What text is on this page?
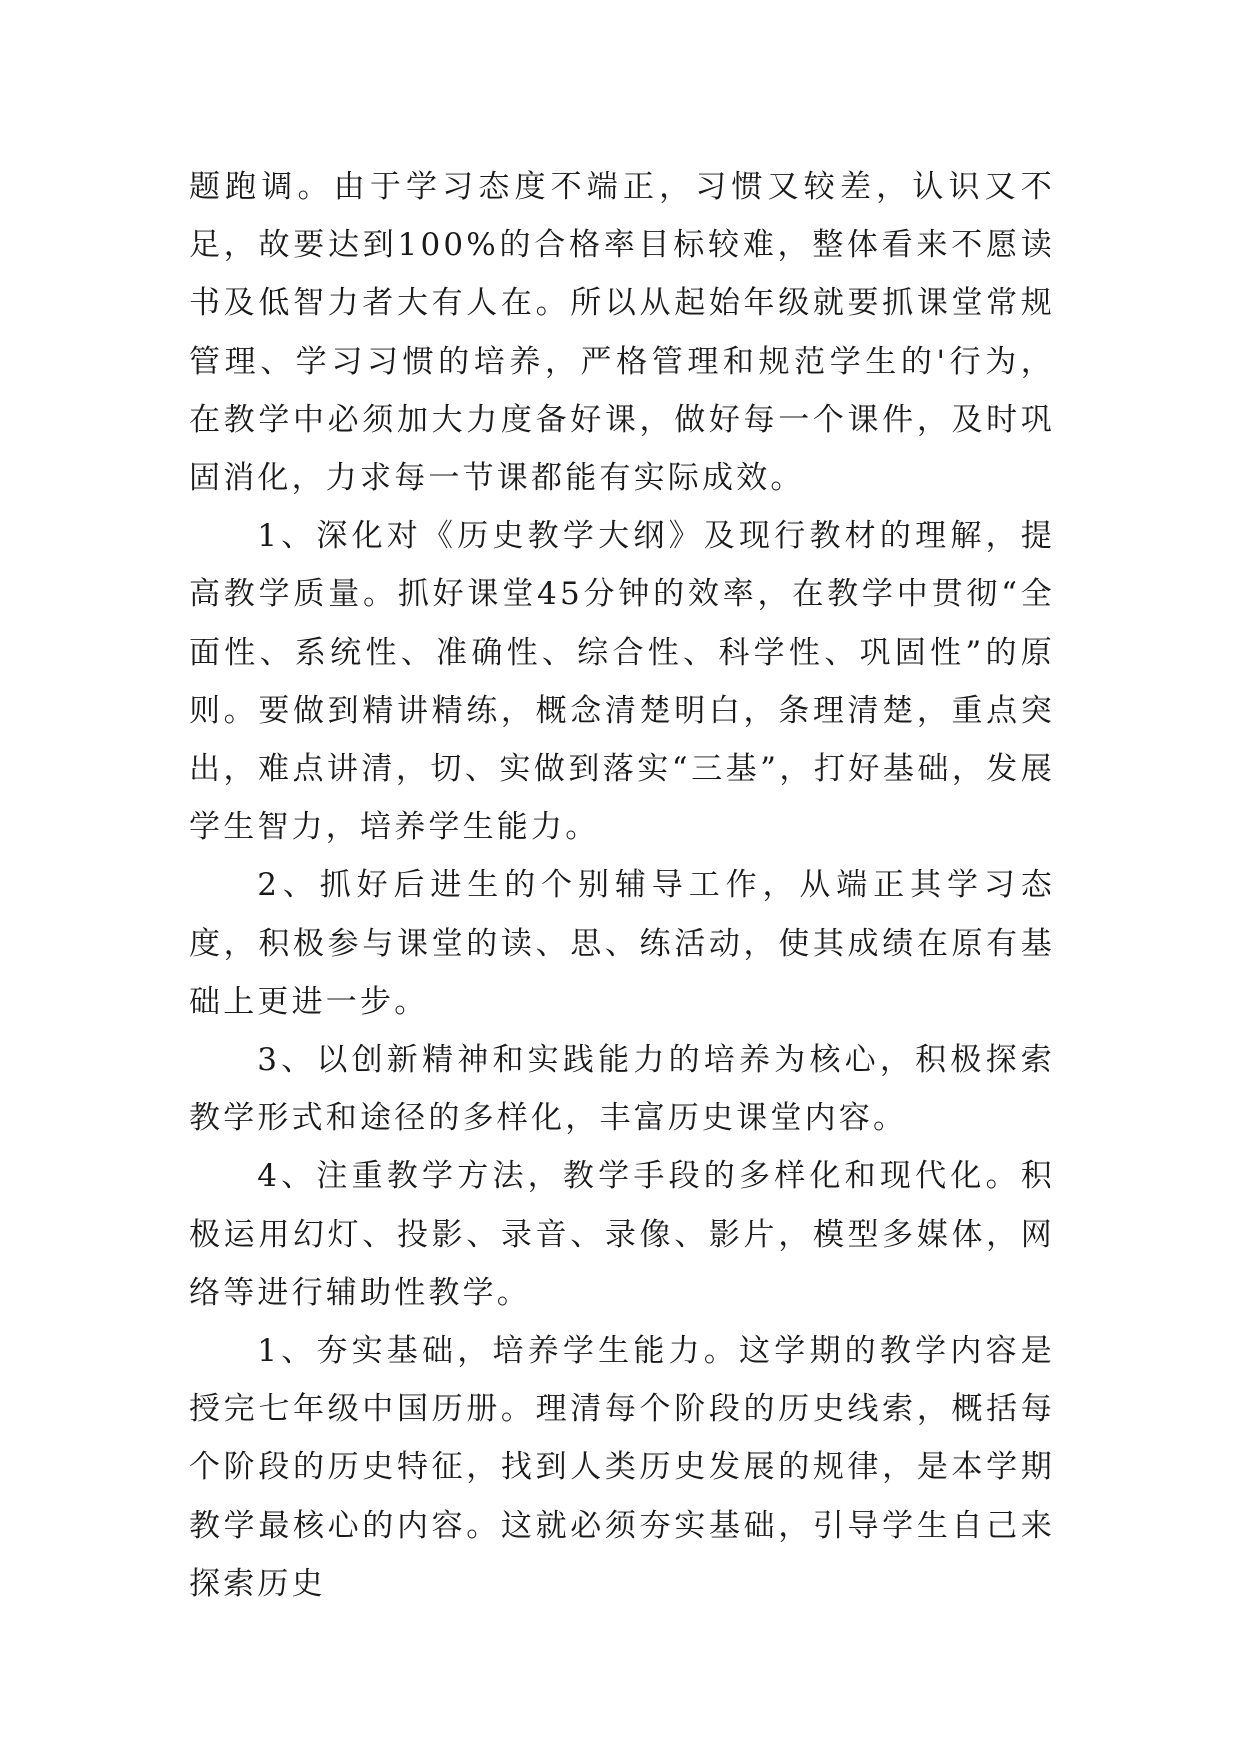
题跑调。由于学习态度不端正，习惯又较差，认识又不足，故要达到100%的合格率目标较难，整体看来不愿读书及低智力者大有人在。所以从起始年级就要抓课堂常规管理、学习习惯的培养，严格管理和规范学生的'行为，在教学中必须加大力度备好课，做好每一个课件，及时巩固消化，力求每一节课都能有实际成效。

1、深化对《历史教学大纲》及现行教材的理解，提高教学质量。抓好课堂45分钟的效率，在教学中贯彻“全面性、系统性、准确性、综合性、科学性、巩固性”的原则。要做到精讲精练，概念清楚明白，条理清楚，重点突出，难点讲清，切、实做到落实“三基”，打好基础，发展学生智力，培养学生能力。

2、抓好后进生的个别辅导工作，从端正其学习态度，积极参与课堂的读、思、练活动，使其成绩在原有基础上更进一步。

3、以创新精神和实践能力的培养为核心，积极探索教学形式和途径的多样化，丰富历史课堂内容。

4、注重教学方法，教学手段的多样化和现代化。积极运用幻灯、投影、录音、录像、影片，模型多媒体，网络等进行辅助性教学。

1、夯实基础，培养学生能力。这学期的教学内容是授完七年级中国历册。理清每个阶段的历史线索，概括每个阶段的历史特征，找到人类历史发展的规律，是本学期教学最核心的内容。这就必须夯实基础，引导学生自己来探索历史
